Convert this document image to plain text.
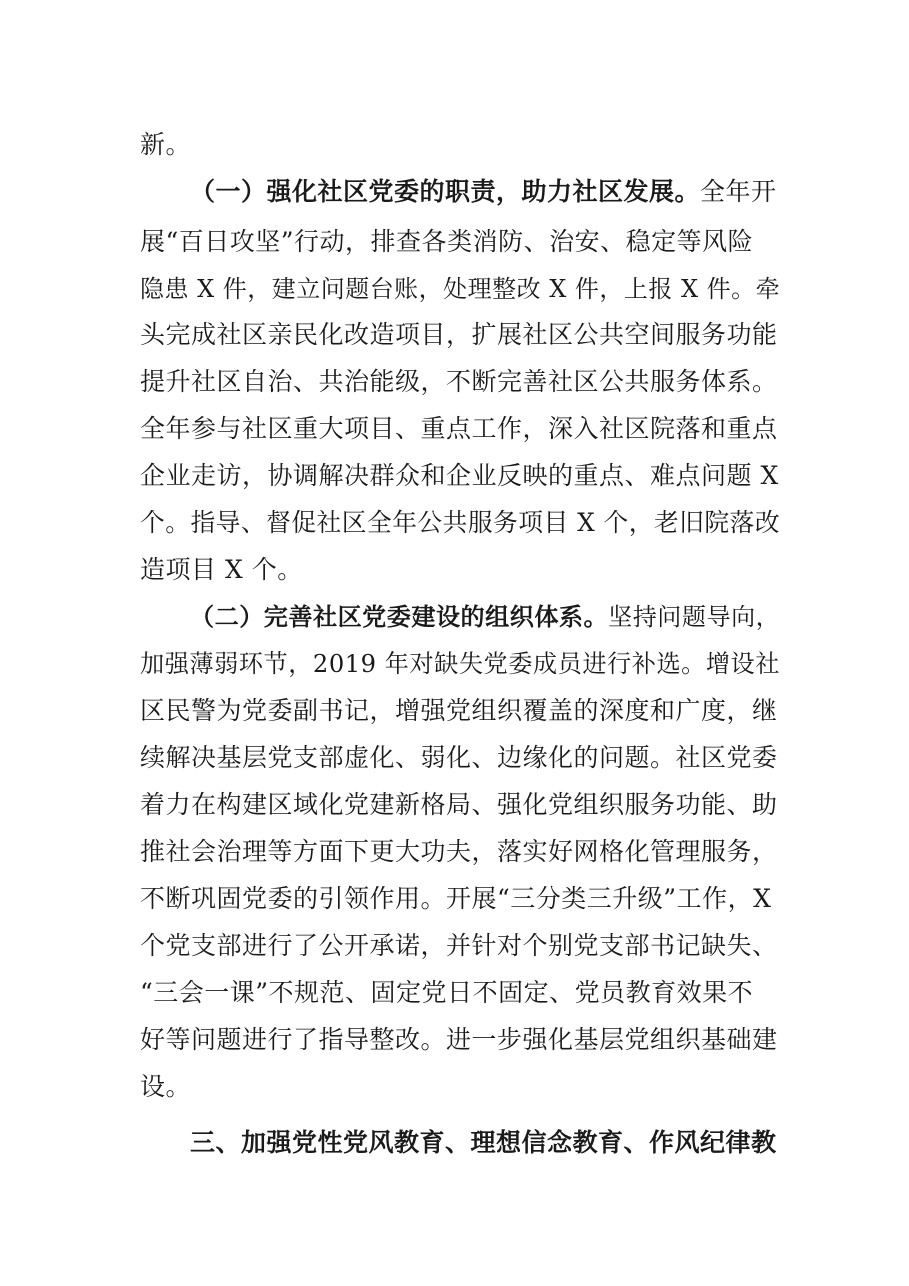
新。
（一）强化社区党委的职责，助力社区发展。全年开
展“百日攻坚”行动，排查各类消防、治安、稳定等风险
隐患 X 件，建立问题台账，处理整改 X 件，上报 X 件。牵
头完成社区亲民化改造项目，扩展社区公共空间服务功能
提升社区自治、共治能级，不断完善社区公共服务体系。
全年参与社区重大项目、重点工作，深入社区院落和重点
企业走访，协调解决群众和企业反映的重点、难点问题 X
个。指导、督促社区全年公共服务项目 X 个，老旧院落改
造项目 X 个。
（二）完善社区党委建设的组织体系。坚持问题导向，
加强薄弱环节，2019 年对缺失党委成员进行补选。增设社
区民警为党委副书记，增强党组织覆盖的深度和广度，继
续解决基层党支部虚化、弱化、边缘化的问题。社区党委
着力在构建区域化党建新格局、强化党组织服务功能、助
推社会治理等方面下更大功夫，落实好网格化管理服务，
不断巩固党委的引领作用。开展“三分类三升级”工作，X
个党支部进行了公开承诺，并针对个别党支部书记缺失、
“三会一课”不规范、固定党日不固定、党员教育效果不
好等问题进行了指导整改。进一步强化基层党组织基础建
设。
三、加强党性党风教育、理想信念教育、作风纪律教
